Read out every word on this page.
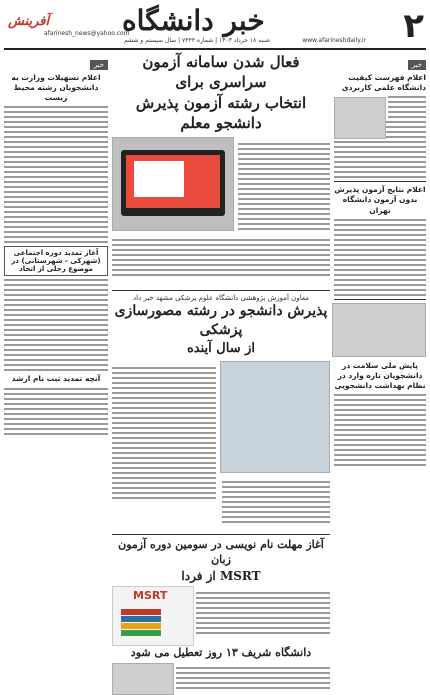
۲
خبر دانشگاه
آفرینش
afarinesh_news@yahoo.com
www.afarineshdaily.ir
شنبه ۱۸ خرداد ۱۴۰۴ | شماره ۷۳۳۳ | سال سیستم و ششم
خبر
اعلام فهرست کیفیت دانشگاه علمی کاربردی
اعلام نتایج آزمون پذیرش بدون آزمون دانشگاه تهران
پایش ملی سلامت در دانشجویان تازه وارد در نظام بهداشت دانشجویی
خبر
اعلام تسهیلات وزارت به دانشجویان رشته محیط زیست
آغاز تمدید دوره اجتماعی (شهرکی - شهرستانی) در موضوع رجلی از اتحاد
آنچه تمدید ثبت نام ارشد
فعال شدن سامانه آزمون سراسری برای
انتخاب رشته آزمون پذیرش دانشجو معلم
معاون آموزش پژوهشی دانشگاه علوم پزشکی مشهد خبر داد
پذیرش دانشجو در رشته مصورسازی پزشکی
از سال آینده
آغاز مهلت نام نویسی در سومین دوره آزمون زبان
MSRT از فردا
MSRT
دانشگاه شریف ۱۳ روز تعطیل می شود
